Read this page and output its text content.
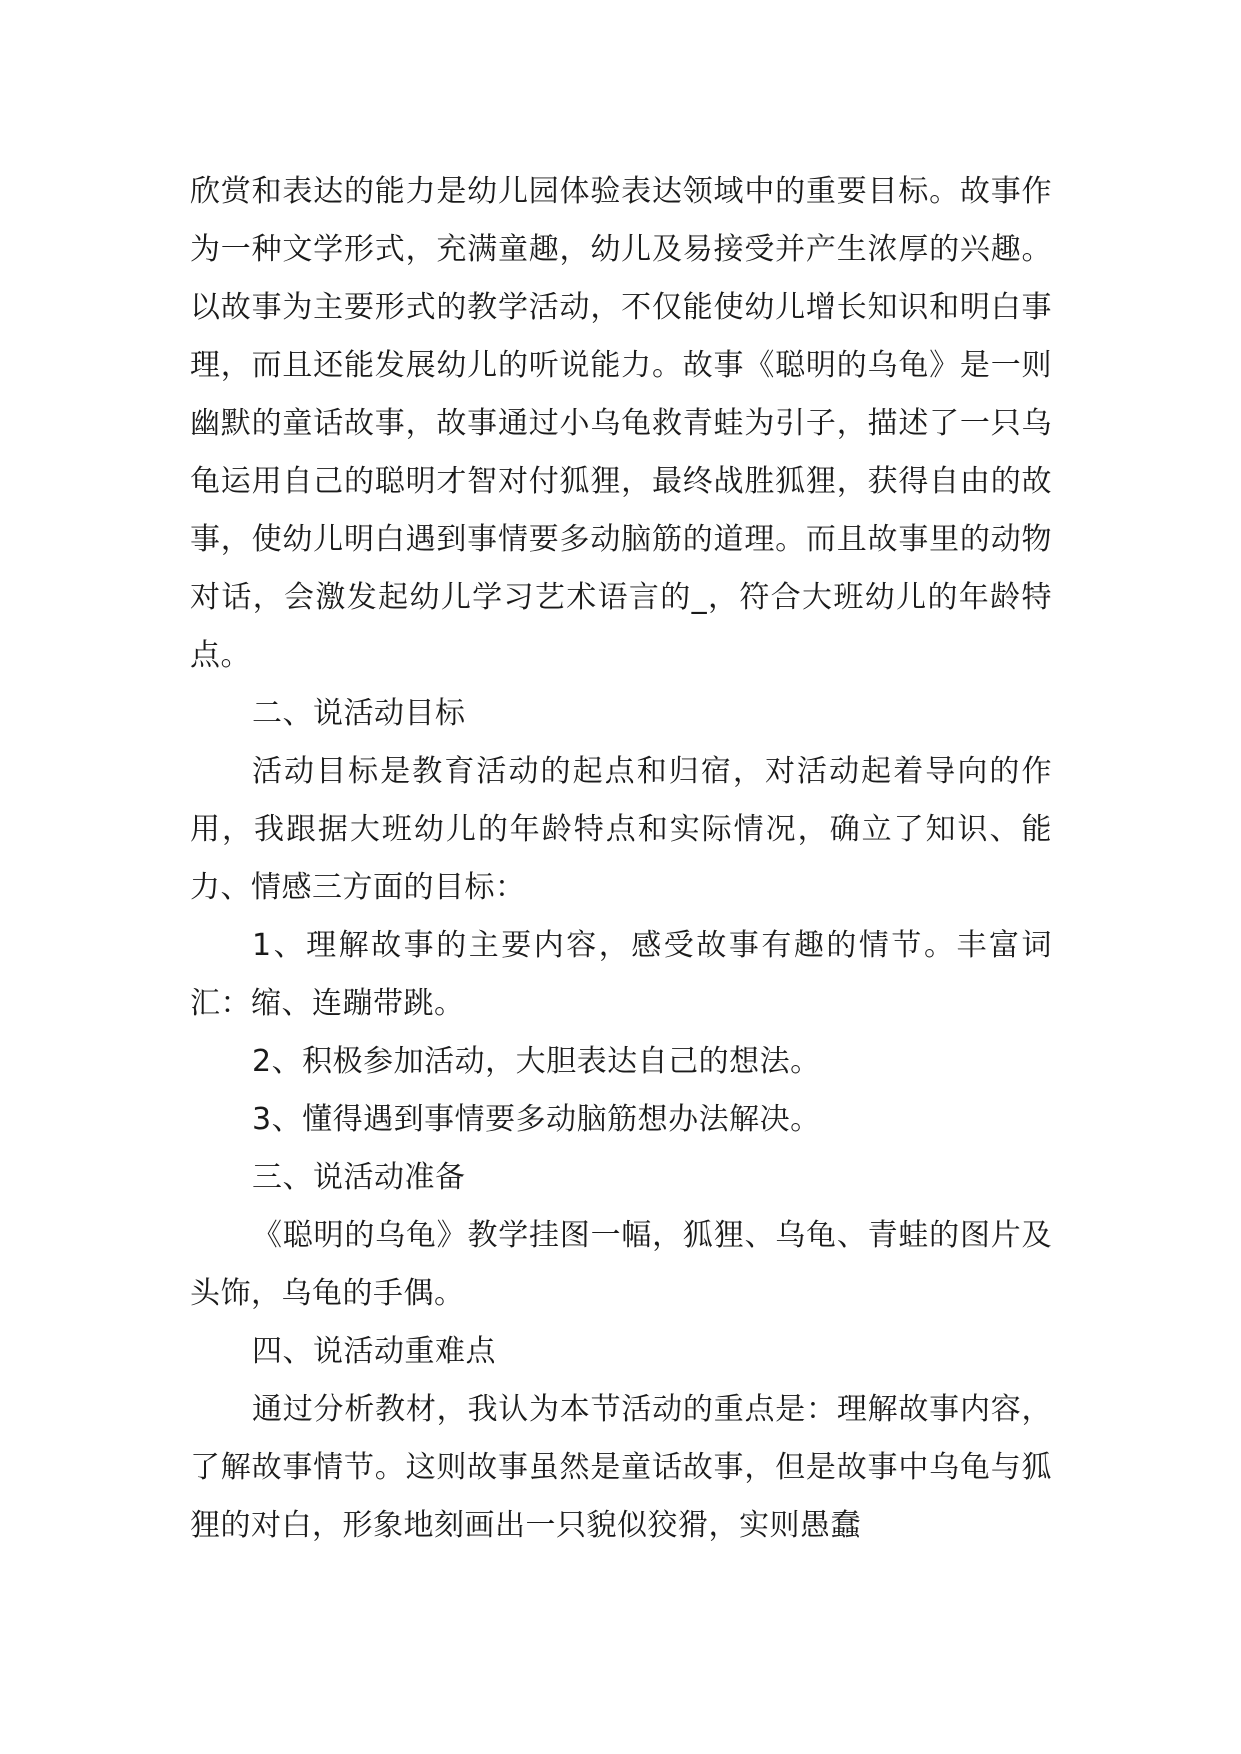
欣赏和表达的能力是幼儿园体验表达领域中的重要目标。故事作为一种文学形式，充满童趣，幼儿及易接受并产生浓厚的兴趣。以故事为主要形式的教学活动，不仅能使幼儿增长知识和明白事理，而且还能发展幼儿的听说能力。故事《聪明的乌龟》是一则幽默的童话故事，故事通过小乌龟救青蛙为引子，描述了一只乌龟运用自己的聪明才智对付狐狸，最终战胜狐狸，获得自由的故事，使幼儿明白遇到事情要多动脑筋的道理。而且故事里的动物对话，会激发起幼儿学习艺术语言的_，符合大班幼儿的年龄特点。

二、说活动目标

活动目标是教育活动的起点和归宿，对活动起着导向的作用，我跟据大班幼儿的年龄特点和实际情况，确立了知识、能力、情感三方面的目标：

1、理解故事的主要内容，感受故事有趣的情节。丰富词汇：缩、连蹦带跳。

2、积极参加活动，大胆表达自己的想法。

3、懂得遇到事情要多动脑筋想办法解决。

三、说活动准备

《聪明的乌龟》教学挂图一幅，狐狸、乌龟、青蛙的图片及头饰，乌龟的手偶。

四、说活动重难点

通过分析教材，我认为本节活动的重点是：理解故事内容，了解故事情节。这则故事虽然是童话故事，但是故事中乌龟与狐狸的对白，形象地刻画出一只貌似狡猾，实则愚蠢
